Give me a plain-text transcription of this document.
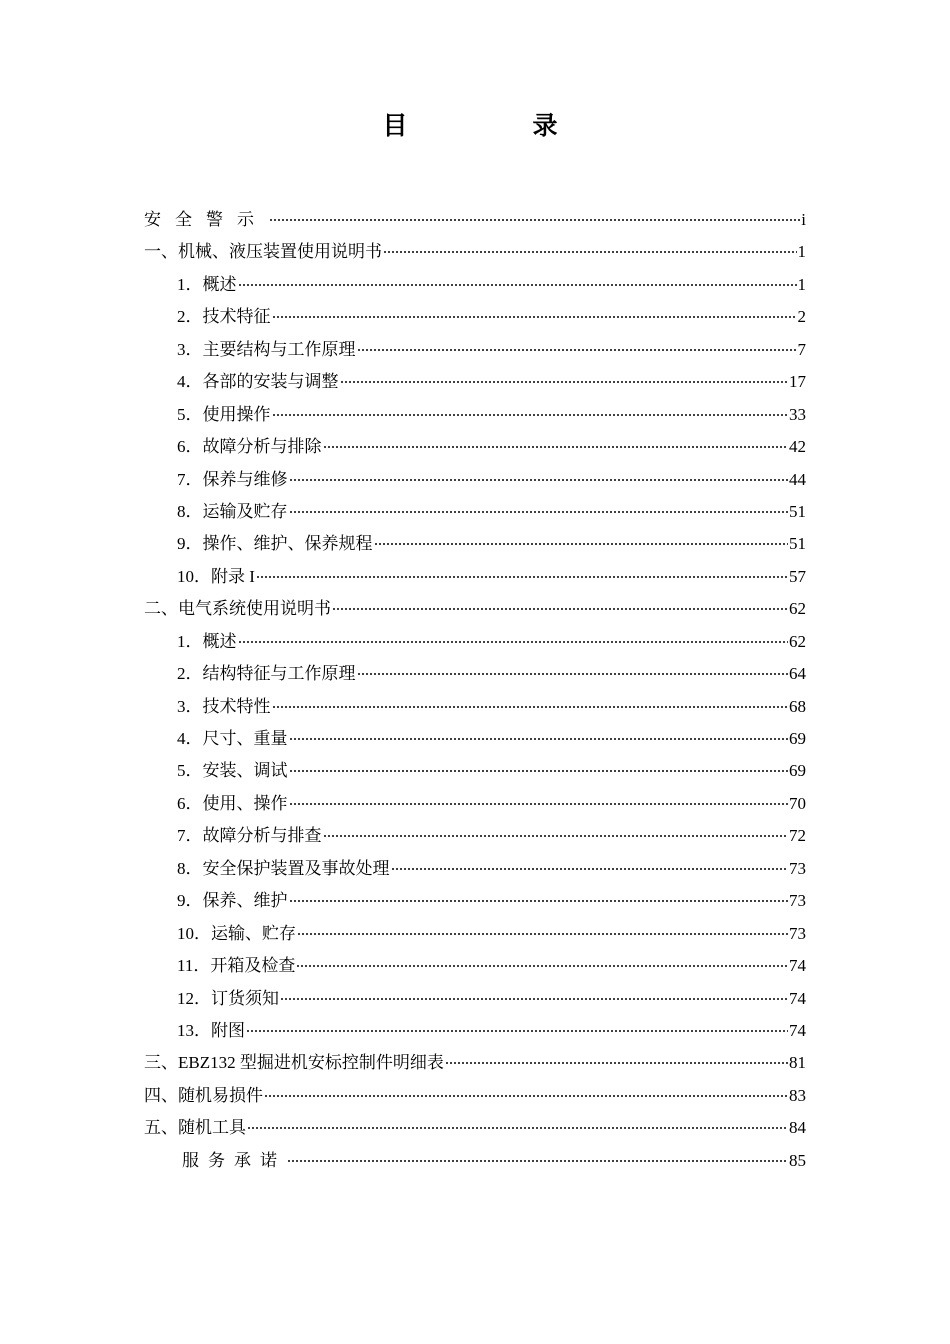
目　录
安全警示	i
一、机械、液压装置使用说明书	1
1．概述	1
2．技术特征	2
3．主要结构与工作原理	7
4．各部的安装与调整	17
5．使用操作	33
6．故障分析与排除	42
7．保养与维修	44
8．运输及贮存	51
9．操作、维护、保养规程	51
10．附录 I	57
二、电气系统使用说明书	62
1．概述	62
2．结构特征与工作原理	64
3．技术特性	68
4．尺寸、重量	69
5．安装、调试	69
6．使用、操作	70
7．故障分析与排查	72
8．安全保护装置及事故处理	73
9．保养、维护	73
10．运输、贮存	73
11．开箱及检查	74
12．订货须知	74
13．附图	74
三、EBZ132 型掘进机安标控制件明细表	81
四、随机易损件	83
五、随机工具	84
服务承诺	85
